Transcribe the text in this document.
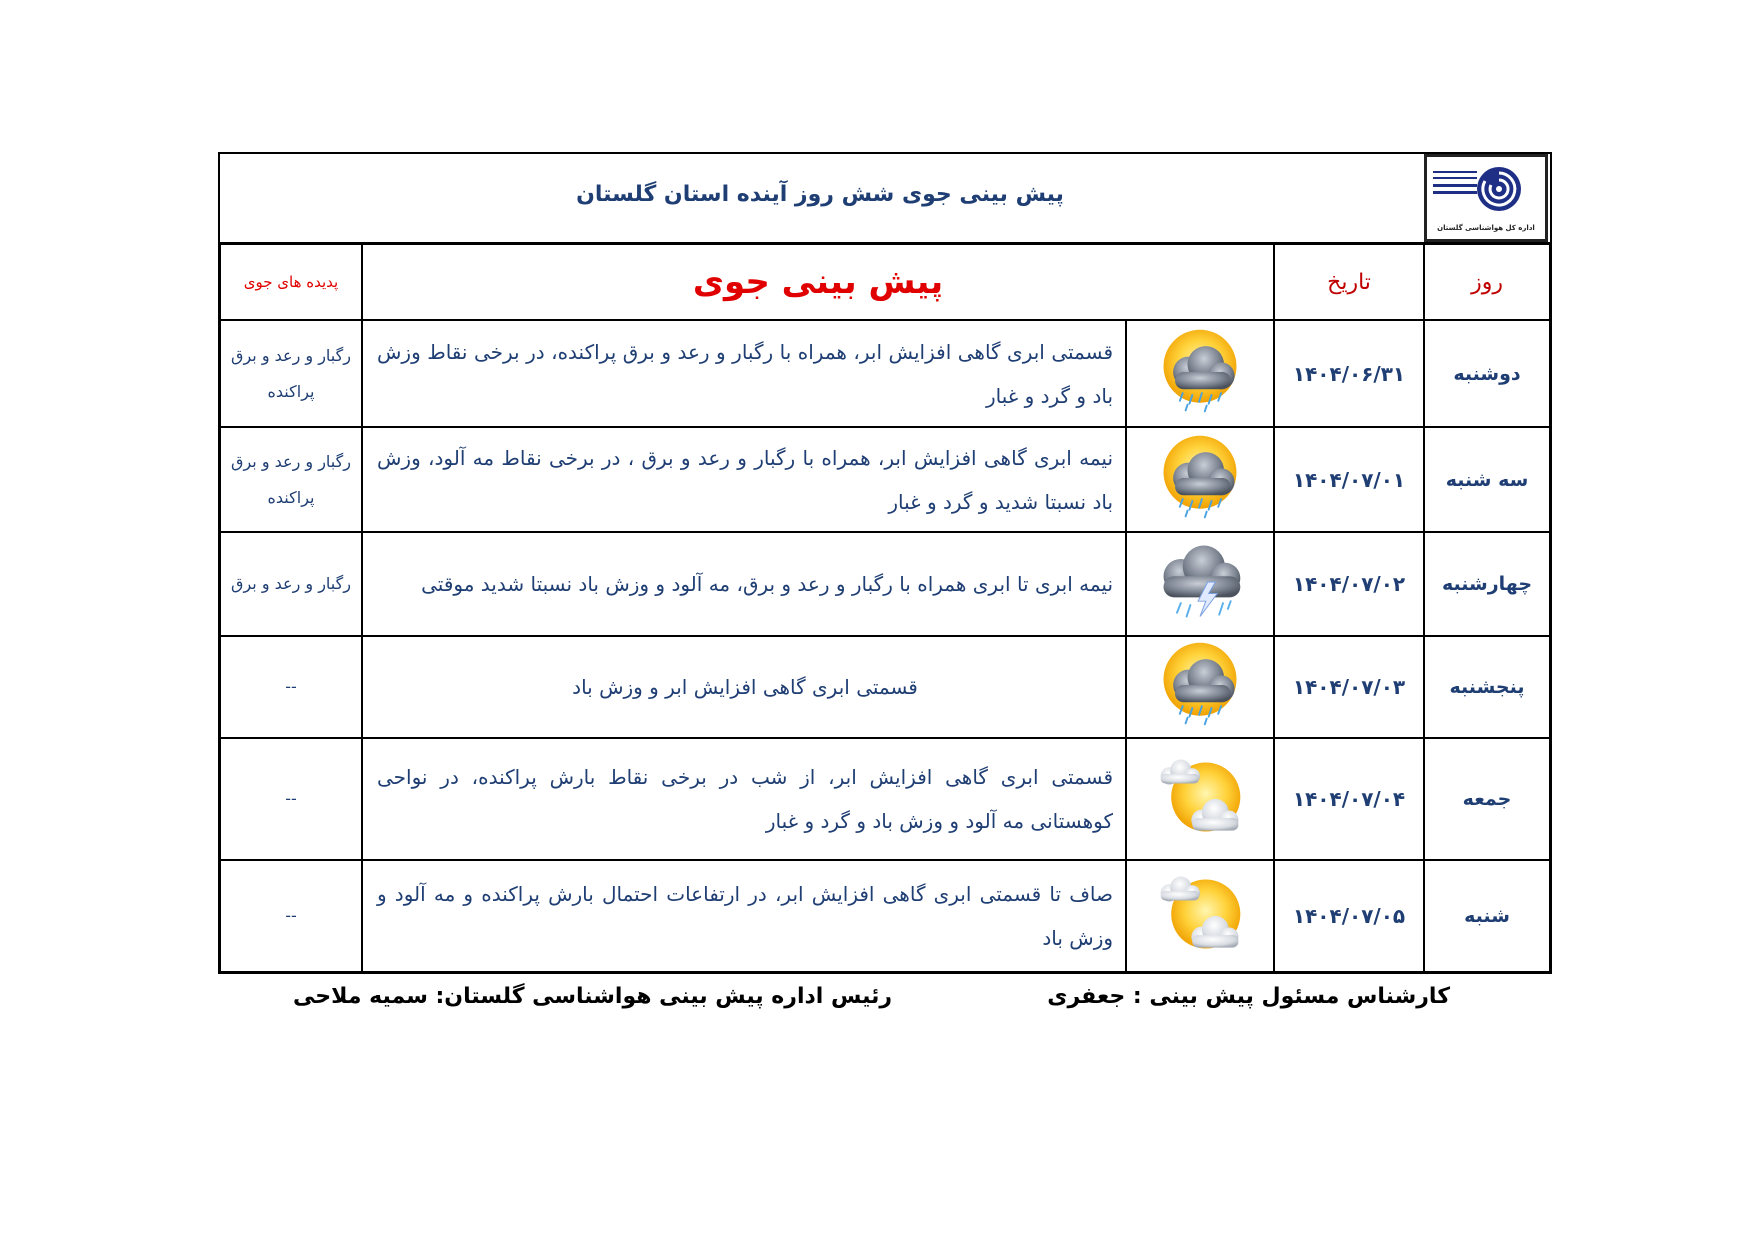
پیش بینی جوی شش روز آینده استان گلستان
اداره کل هواشناسی گلستان
روز	تاریخ	پیش بینی جوی		پدیده های جوی
دوشنبه	۱۴۰۴/۰۶/۳۱		قسمتی ابری گاهی افزایش ابر، همراه با رگبار و رعد و برق پراکنده، در برخی نقاط وزش باد و گرد و غبار	رگبار و رعد و برق پراکنده
سه شنبه	۱۴۰۴/۰۷/۰۱		نیمه ابری گاهی افزایش ابر، همراه با رگبار و رعد و برق ، در برخی نقاط مه آلود، وزش باد نسبتا شدید و گرد و غبار	رگبار و رعد و برق پراکنده
چهارشنبه	۱۴۰۴/۰۷/۰۲		نیمه ابری تا ابری همراه با رگبار و رعد و برق، مه آلود و وزش باد نسبتا شدید موقتی	رگبار و رعد و برق
پنجشنبه	۱۴۰۴/۰۷/۰۳		قسمتی ابری گاهی افزایش ابر و وزش باد	--
جمعه	۱۴۰۴/۰۷/۰۴		قسمتی ابری گاهی افزایش ابر، از شب در برخی نقاط بارش پراکنده، در نواحی کوهستانی مه آلود و وزش باد و گرد و غبار	--
شنبه	۱۴۰۴/۰۷/۰۵		صاف تا قسمتی ابری گاهی افزایش ابر، در ارتفاعات احتمال بارش پراکنده و مه آلود و وزش باد	--
کارشناس مسئول پیش بینی : جعفری
رئیس اداره پیش بینی هواشناسی گلستان: سمیه ملاحی
